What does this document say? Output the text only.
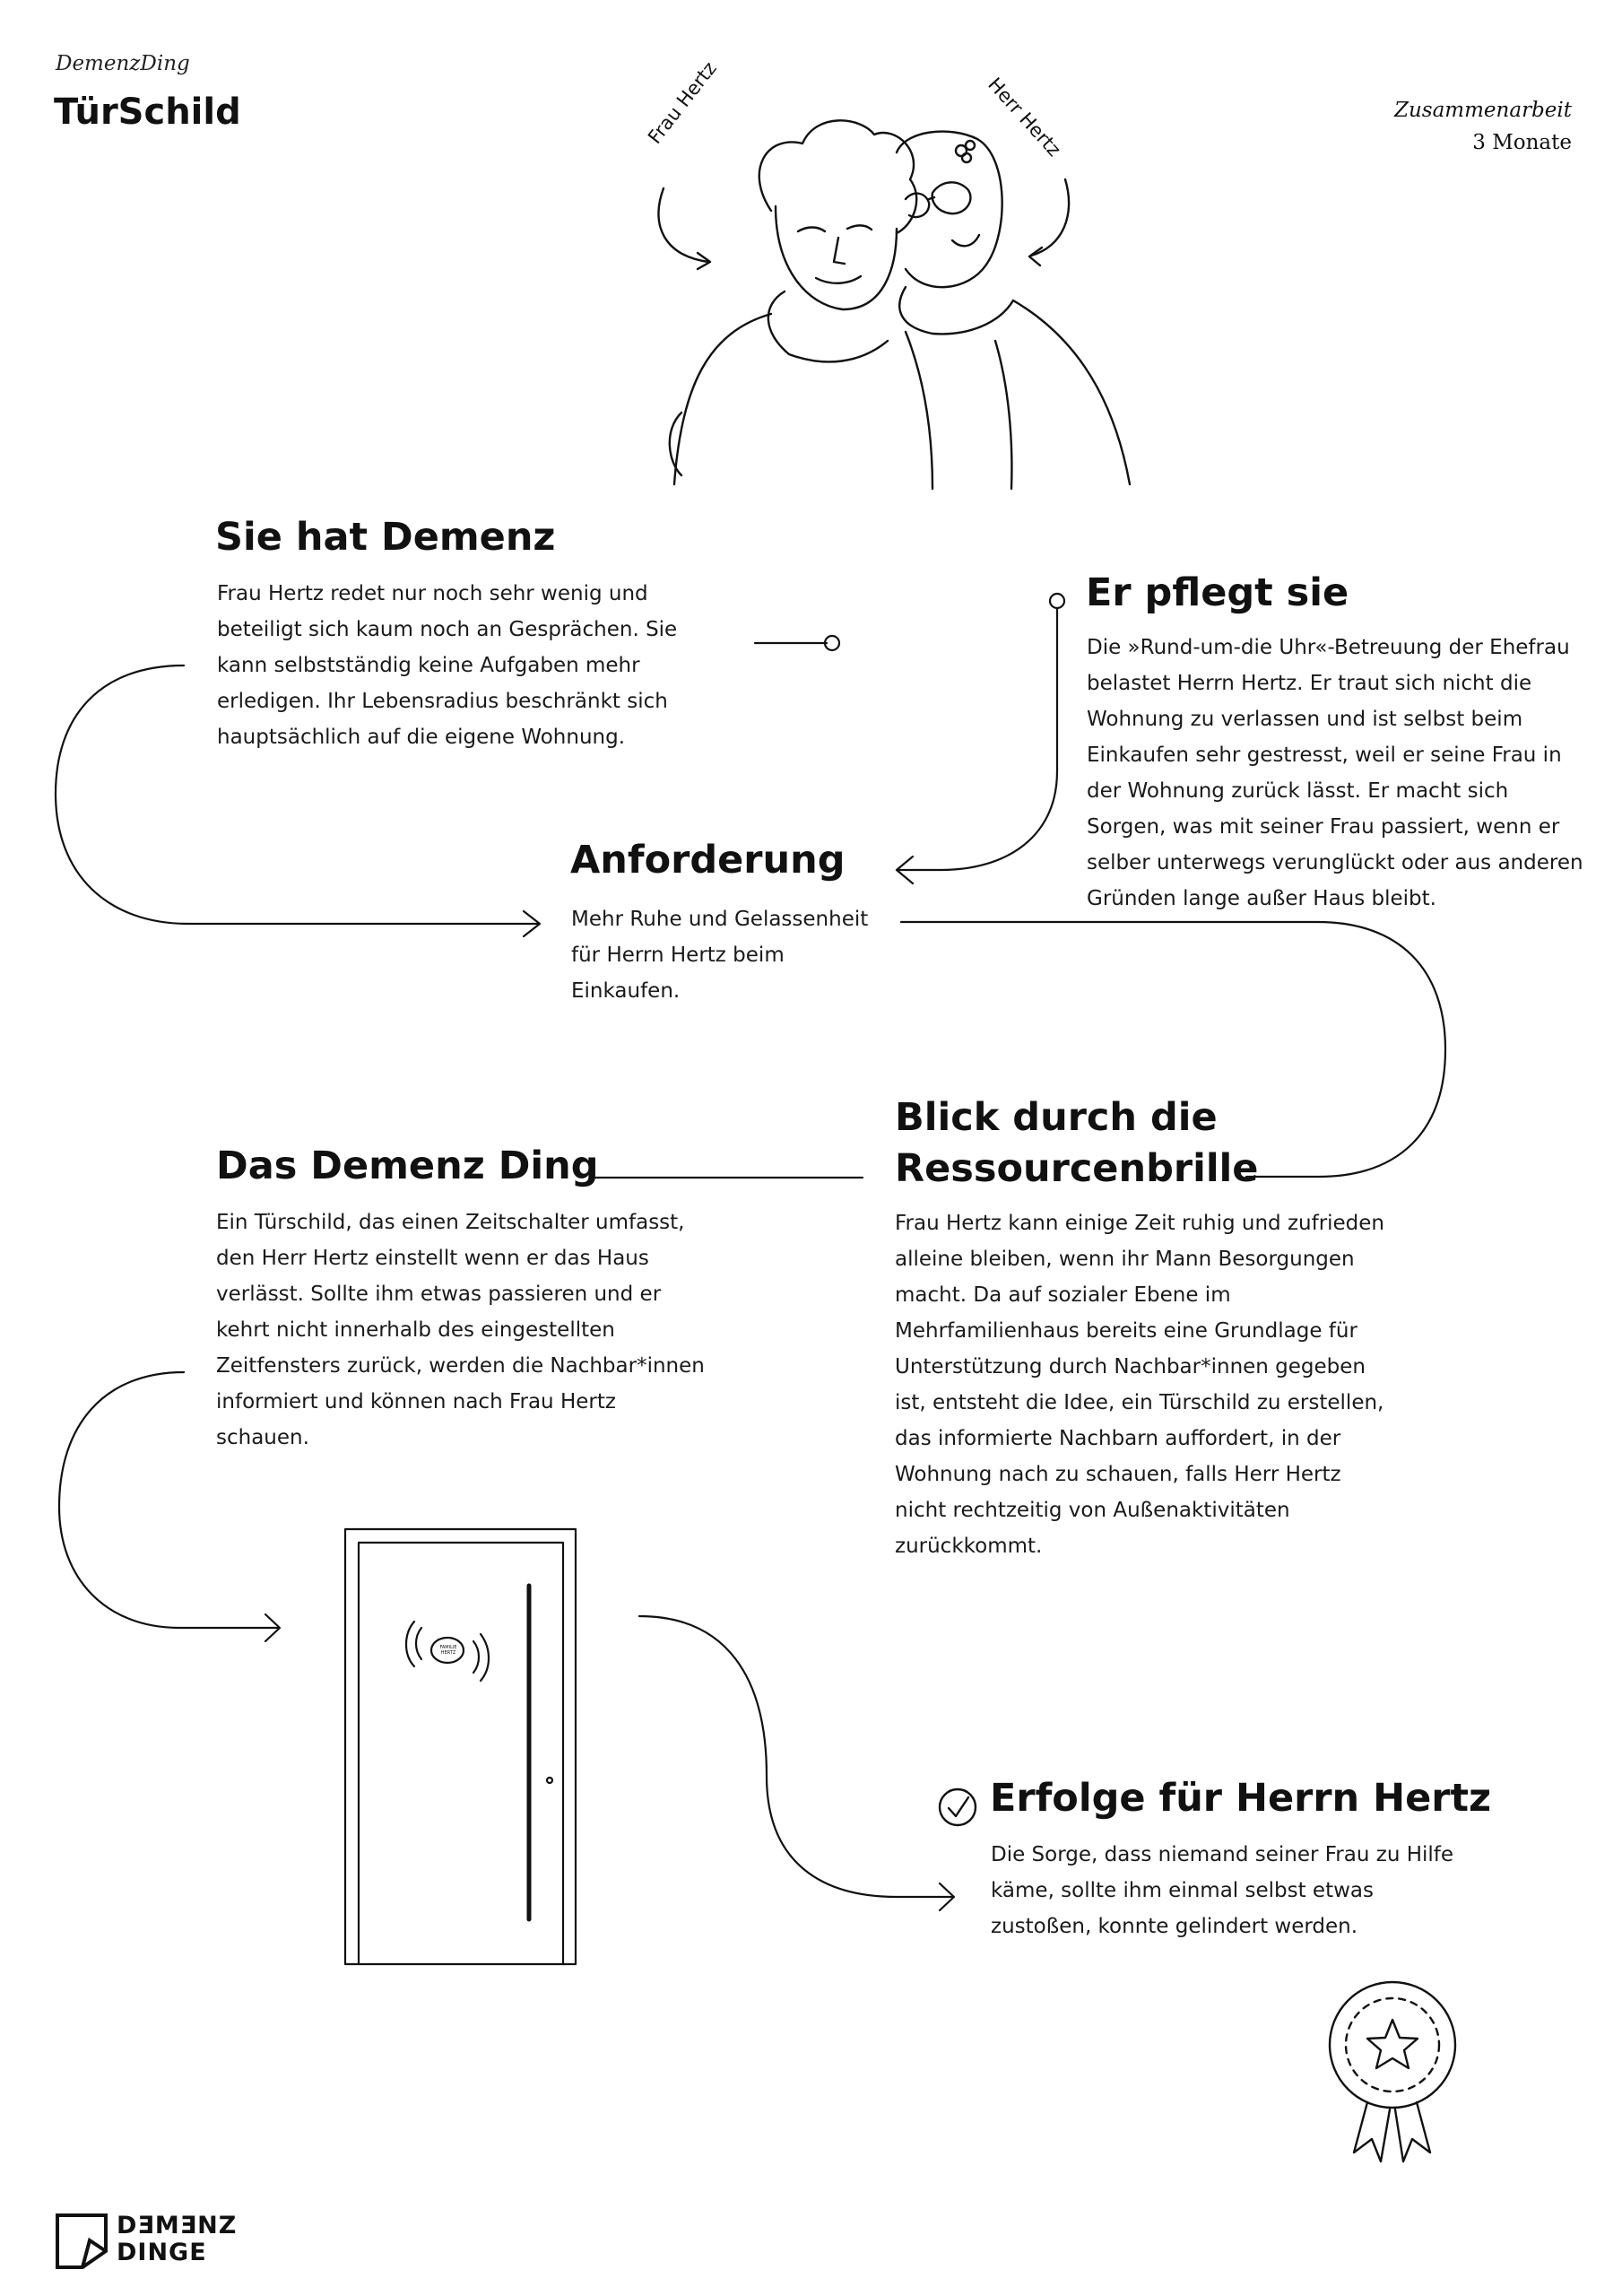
DemenzDing
TürSchild	Zusammenarbeit
3 Monate
Frau Hertz	Herr Hertz
FAMILIE HERTZ
Sie hat Demenz
Frau Hertz redet nur noch sehr wenig und beteiligt sich kaum noch an Gesprächen. Sie kann selbstständig keine Aufgaben mehr erledigen. Ihr Lebensradius beschränkt sich hauptsächlich auf die eigene Wohnung.
Er pflegt sie
Die »Rund-um-die Uhr«-Betreuung der Ehefrau belastet Herrn Hertz. Er traut sich nicht die Wohnung zu verlassen und ist selbst beim Einkaufen sehr gestresst, weil er seine Frau in der Wohnung zurück lässt. Er macht sich Sorgen, was mit seiner Frau passiert, wenn er selber unterwegs verunglückt oder aus anderen Gründen lange außer Haus bleibt.
Anforderung
Mehr Ruhe und Gelassenheit für Herrn Hertz beim Einkaufen.
Blick durch die
Ressourcenbrille
Frau Hertz kann einige Zeit ruhig und zufrieden alleine bleiben, wenn ihr Mann Besorgungen macht. Da auf sozialer Ebene im Mehrfamilienhaus bereits eine Grundlage für Unterstützung durch Nachbar*innen gegeben ist, entsteht die Idee, ein Türschild zu erstellen, das informierte Nachbarn auffordert, in der Wohnung nach zu schauen, falls Herr Hertz nicht rechtzeitig von Außenaktivitäten zurückkommt.
Das Demenz Ding
Ein Türschild, das einen Zeitschalter umfasst, den Herr Hertz einstellt wenn er das Haus verlässt. Sollte ihm etwas passieren und er kehrt nicht innerhalb des eingestellten Zeitfensters zurück, werden die Nachbar*innen informiert und können nach Frau Hertz schauen.
Erfolge für Herrn Hertz
Die Sorge, dass niemand seiner Frau zu Hilfe käme, sollte ihm einmal selbst etwas zustoßen, konnte gelindert werden.
DƎMƎNZ
DINGE
